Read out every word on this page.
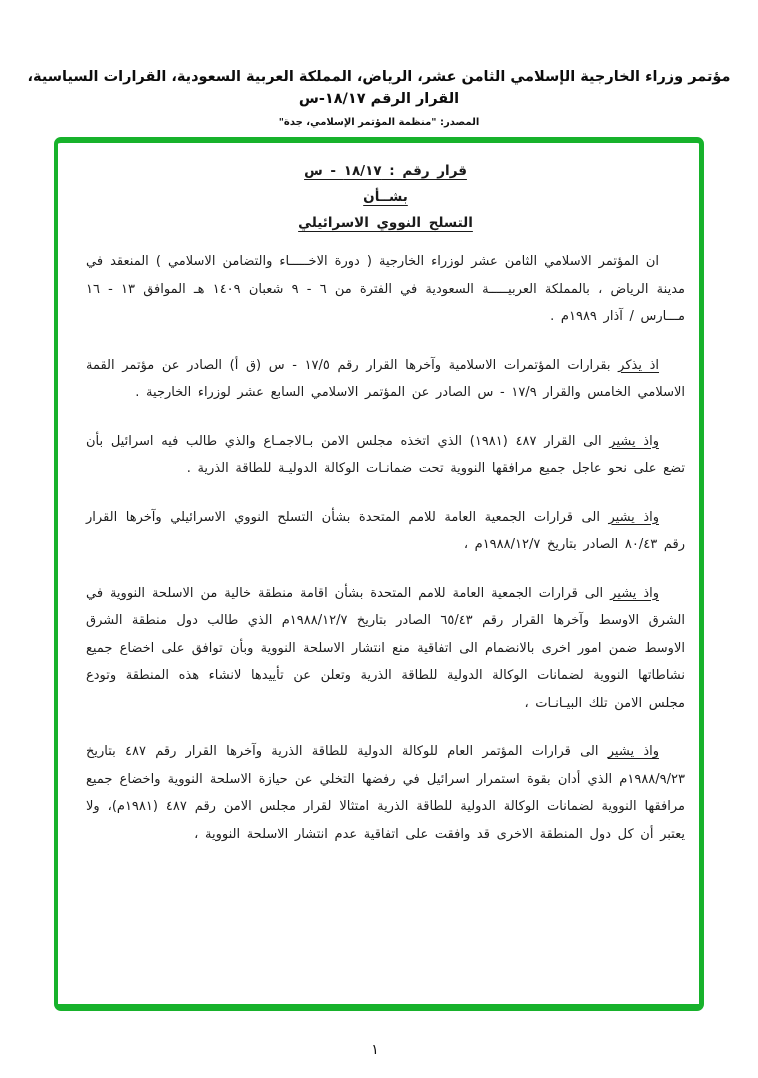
مؤتمر وزراء الخارجية الإسلامي الثامن عشر، الرياض، المملكة العربية السعودية، القرارات السياسية، القرار الرقم ١٨/١٧-س
المصدر: "منظمة المؤتمر الإسلامي، جدة"
قرار رقم : ١٨/١٧ - س
بشــأن
التسلح النووي الاسرائيلي

ان المؤتمر الاسلامي الثامن عشر لوزراء الخارجية ( دورة الاخـــــاء والتضامن الاسلامي ) المنعقد في مدينة الرياض ، بالمملكة العربيـــــة السعودية في الفترة من ٦ - ٩ شعبان ١٤٠٩ هـ الموافق ١٣ - ١٦ مـــارس / آذار ١٩٨٩م .

اذ يذكر بقرارات المؤتمرات الاسلامية وآخرها القرار رقم ١٧/٥ - س (ق أ) الصادر عن مؤتمر القمة الاسلامي الخامس والقرار ١٧/٩ - س الصادر عن المؤتمر الاسلامي السابع عشر لوزراء الخارجية .

واذ يشير الى القرار ٤٨٧ (١٩٨١) الذي اتخذه مجلس الامن بـالاجمـاع والذي طالب فيه اسرائيل بأن تضع على نحو عاجل جميع مرافقها النووية تحت ضمانـات الوكالة الدوليـة للطاقة الذرية .

واذ يشير الى قرارات الجمعية العامة للامم المتحدة بشأن التسلح النووي الاسرائيلي وآخرها القرار رقم ٨٠/٤٣ الصادر بتاريخ ١٩٨٨/١٢/٧م ،

واذ يشير الى قرارات الجمعية العامة للامم المتحدة بشأن اقامة منطقة خالية من الاسلحة النووية في الشرق الاوسط وآخرها القرار رقم ٦٥/٤٣ الصادر بتاريخ ١٩٨٨/١٢/٧م الذي طالب دول منطقة الشرق الاوسط ضمن امور اخرى بالانضمام الى اتفاقية منع انتشار الاسلحة النووية وبأن توافق على اخضاع جميع نشاطاتها النووية لضمانات الوكالة الدولية للطاقة الذرية وتعلن عن تأييدها لانشاء هذه المنطقة وتودع مجلس الامن تلك البيـانـات ،

واذ يشير الى قرارات المؤتمر العام للوكالة الدولية للطاقة الذرية وآخرها القرار رقم ٤٨٧ بتاريخ ١٩٨٨/٩/٢٣م الذي أدان بقوة استمرار اسرائيل في رفضها التخلي عن حيازة الاسلحة النووية واخضاع جميع مرافقها النووية لضمانات الوكالة الدولية للطاقة الذرية امتثالا لقرار مجلس الامن رقم ٤٨٧ (١٩٨١م)، ولا يعتبر أن كل دول المنطقة الاخرى قد وافقت على اتفاقية عدم انتشار الاسلحة النووية ،

١
